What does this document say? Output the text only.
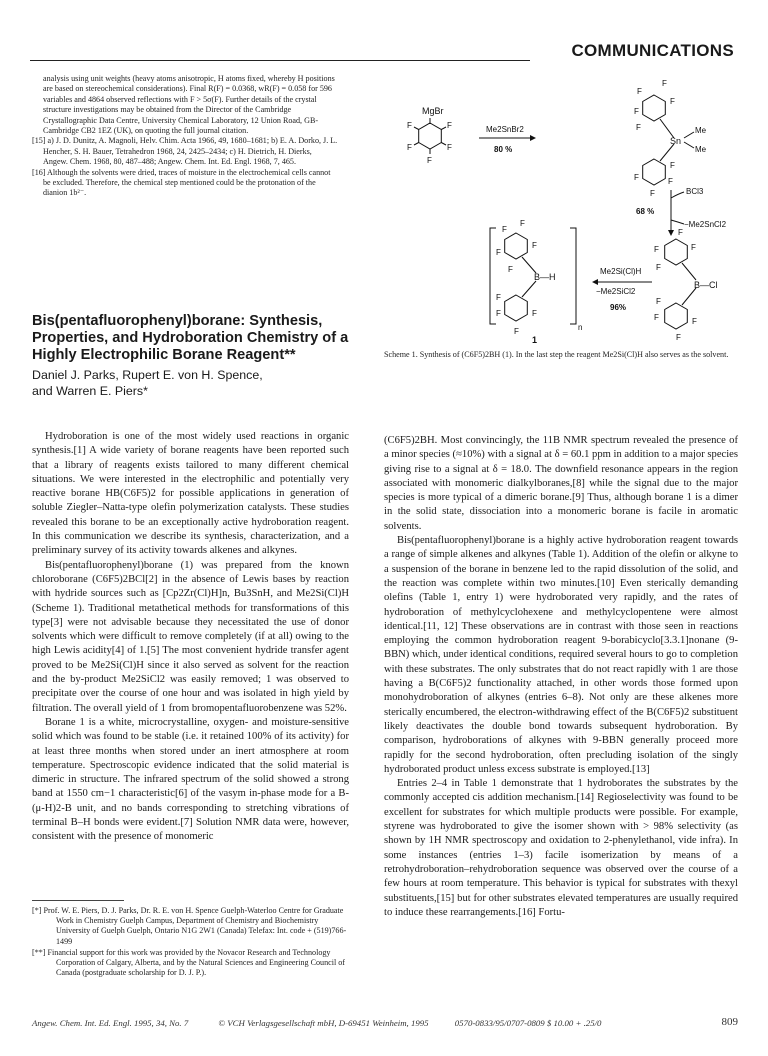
COMMUNICATIONS

analysis using unit weights (heavy atoms anisotropic, H atoms fixed, whereby H positions are based on stereochemical considerations). Final R(F) = 0.0368, wR(F) = 0.058 for 596 variables and 4864 observed reflections with F > 5σ(F). Further details of the crystal structure investigations may be obtained from the Director of the Cambridge Crystallographic Data Centre, University Chemical Laboratory, 12 Union Road, GB-Cambridge CB2 1EZ (UK), on quoting the full journal citation.

[15] a) J. D. Dunitz, A. Magnoli, Helv. Chim. Acta 1966, 49, 1680–1681; b) E. A. Dorko, J. L. Hencher, S. H. Bauer, Tetrahedron 1968, 24, 2425–2434; c) H. Dietrich, H. Dierks, Angew. Chem. 1968, 80, 487–488; Angew. Chem. Int. Ed. Engl. 1968, 7, 465.

[16] Although the solvents were dried, traces of moisture in the electrochemical cells cannot be excluded. Therefore, the chemical step mentioned could be the protonation of the dianion 1b²⁻.

Bis(pentafluorophenyl)borane: Synthesis, Properties, and Hydroboration Chemistry of a Highly Electrophilic Borane Reagent**
Daniel J. Parks, Rupert E. von H. Spence,
and Warren E. Piers*

Hydroboration is one of the most widely used reactions in organic synthesis.[1] A wide variety of borane reagents have been reported such that a library of reagents exists tailored to many different chemical situations. We were interested in the electrophilic and potentially very reactive borane HB(C6F5)2 for possible applications in generation of soluble Ziegler–Natta-type olefin polymerization catalysts. These studies revealed this borane to be an exceptionally active hydroboration reagent. In this communication we describe its synthesis, characterization, and a preliminary survey of its activity towards alkenes and alkynes.

Bis(pentafluorophenyl)borane (1) was prepared from the known chloroborane (C6F5)2BCl[2] in the absence of Lewis bases by reaction with hydride sources such as [Cp2Zr(Cl)H]n, Bu3SnH, and Me2Si(Cl)H (Scheme 1). Traditional metathetical methods for transformations of this type[3] were not advisable because they necessitated the use of donor solvents which were difficult to remove completely (if at all) owing to the high Lewis acidity[4] of 1.[5] The most convenient hydride transfer agent proved to be Me2Si(Cl)H since it also served as solvent for the reaction and the by-product Me2SiCl2 was easily removed; 1 was observed to precipitate over the course of one hour and was isolated in high yield by filtration. The overall yield of 1 from bromopentafluorobenzene was 52%.

Borane 1 is a white, microcrystalline, oxygen- and moisture-sensitive solid which was found to be stable (i.e. it retained 100% of its activity) for at least three months when stored under an inert atmosphere at room temperature. Spectroscopic evidence indicated that the solid material is dimeric in structure. The infrared spectrum of the solid showed a strong band at 1550 cm−1 characteristic[6] of the νasym in-phase mode for a B-(μ-H)2-B unit, and no bands corresponding to stretching vibrations of terminal B–H bonds were evident.[7] Solution NMR data were, however, consistent with the presence of monomeric

(C6F5)2BH. Most convincingly, the 11B NMR spectrum revealed the presence of a minor species (≈10%) with a signal at δ = 60.1 ppm in addition to a major species giving rise to a signal at δ = 18.0. The downfield resonance appears in the region associated with monomeric dialkylboranes,[8] while the signal due to the major species is more typical of a dimeric borane.[9] Thus, although borane 1 is a dimer in the solid state, dissociation into a monomeric borane is facile in aromatic solvents.

Bis(pentafluorophenyl)borane is a highly active hydroboration reagent towards a range of simple alkenes and alkynes (Table 1). Addition of the olefin or alkyne to a suspension of the borane in benzene led to the rapid dissolution of the solid, and the reaction was complete within two minutes.[10] Even sterically demanding olefins (Table 1, entry 1) were hydroborated very rapidly, and the rates of hydroboration of methylcyclohexene and methylcyclopentene were almost identical.[11, 12] These observations are in contrast with those seen in reactions employing the common hydroboration reagent 9-borabicyclo[3.3.1]nonane (9-BBN) which, under identical conditions, required several hours to go to completion with these substrates. The only substrates that do not react rapidly with 1 are those having a B(C6F5)2 functionality attached, in other words those formed upon monohydroboration of alkynes (entries 6–8). Not only are these alkenes more sterically encumbered, the electron-withdrawing effect of the B(C6F5)2 substituent likely deactivates the double bond towards subsequent hydroboration. By comparison, hydroborations of alkynes with 9-BBN generally proceed more rapidly for the second hydroboration, often precluding isolation of the singly hydroborated product unless excess substrate is employed.[13]

Entries 2–4 in Table 1 demonstrate that 1 hydroborates the substrates by the commonly accepted cis addition mechanism.[14] Regioselectivity was found to be excellent for substrates for which multiple products were possible. For example, styrene was hydroborated to give the isomer shown with > 98% selectivity (as shown by 1H NMR spectroscopy and oxidation to 2-phenylethanol, vide infra). In some instances (entries 1–3) facile isomerization by means of a retrohydroboration–rehydroboration sequence was observed over the course of a few hours at room temperature. This behavior is typical for substrates with thexyl substituents,[15] but for other substrates elevated temperatures are usually required to induce these rearrangements.[16] Fortu-

[*] Prof. W. E. Piers, D. J. Parks, Dr. R. E. von H. Spence Guelph-Waterloo Centre for Graduate Work in Chemistry Guelph Campus, Department of Chemistry and Biochemistry University of Guelph Guelph, Ontario N1G 2W1 (Canada) Telefax: Int. code + (519)766-1499

[**] Financial support for this work was provided by the Novacor Research and Technology Corporation of Calgary, Alberta, and by the Natural Sciences and Engineering Council of Canada (postgraduate scholarship for D. J. P.).

MgBr
F	F
F	F
F
Me2SnBr2
80 %
Sn
Me
Me
F
F
F
F
F
F
F
F
F	BCl3
−Me2SnCl2
68 %
B—Cl
F
F
F
F
F
F
F
F
Me2Si(Cl)H
−Me2SiCl2
96%
B—H
n
1
F
F
F
F
F
F
F
F
F
Scheme 1. Synthesis of (C6F5)2BH (1). In the last step the reagent Me2Si(Cl)H also serves as the solvent.
Angew. Chem. Int. Ed. Engl. 1995, 34, No. 7	© VCH Verlagsgesellschaft mbH, D-69451 Weinheim, 1995	0570-0833/95/0707-0809 $ 10.00 + .25/0	809
